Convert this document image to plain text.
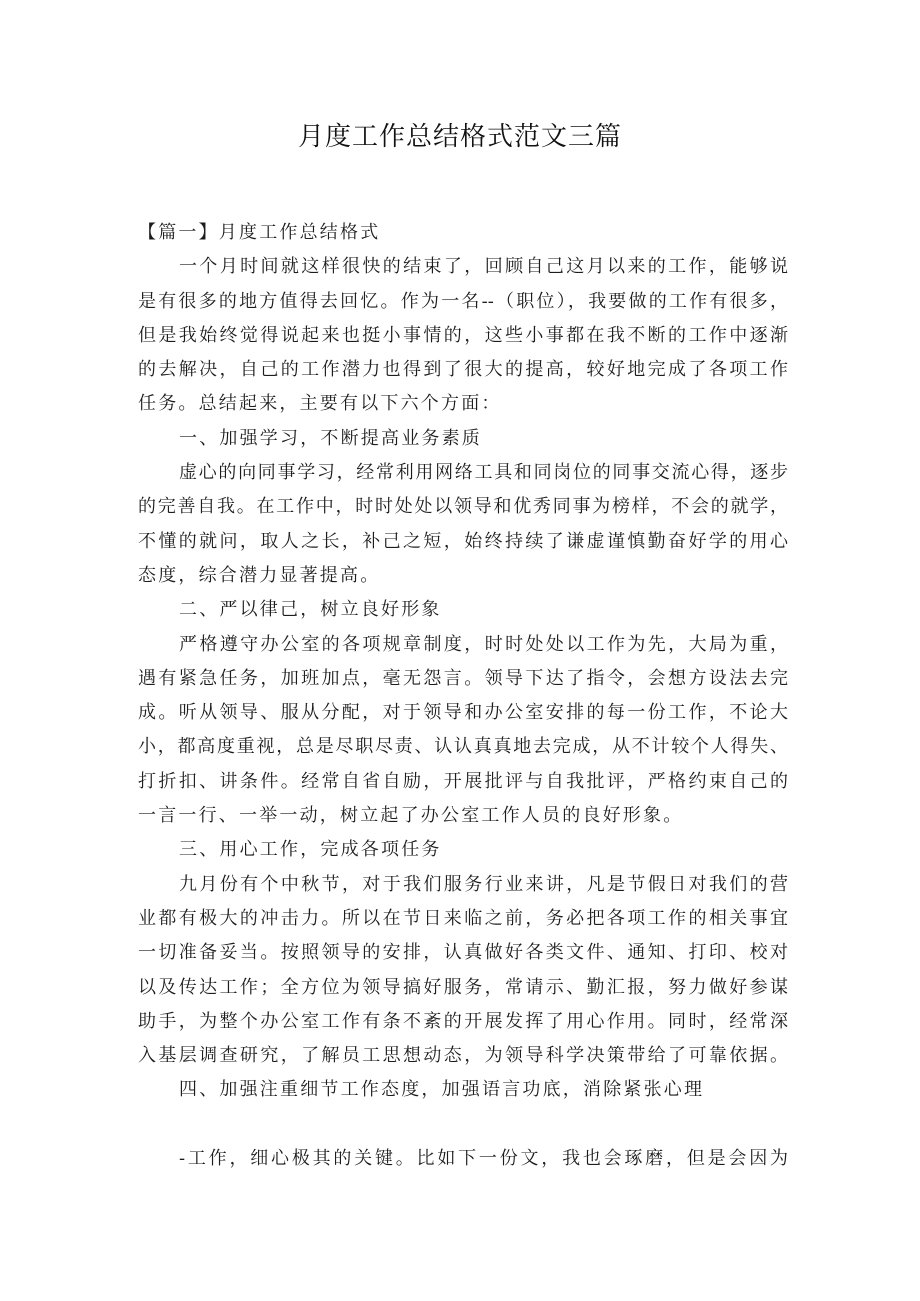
月度工作总结格式范文三篇
【篇一】月度工作总结格式
一个月时间就这样很快的结束了，回顾自己这月以来的工作，能够说
是有很多的地方值得去回忆。作为一名--（职位），我要做的工作有很多，
但是我始终觉得说起来也挺小事情的，这些小事都在我不断的工作中逐渐
的去解决，自己的工作潜力也得到了很大的提高，较好地完成了各项工作
任务。总结起来，主要有以下六个方面：
一、加强学习，不断提高业务素质
虚心的向同事学习，经常利用网络工具和同岗位的同事交流心得，逐步
的完善自我。在工作中，时时处处以领导和优秀同事为榜样，不会的就学，
不懂的就问，取人之长，补己之短，始终持续了谦虚谨慎勤奋好学的用心
态度，综合潜力显著提高。
二、严以律己，树立良好形象
严格遵守办公室的各项规章制度，时时处处以工作为先，大局为重，
遇有紧急任务，加班加点，毫无怨言。领导下达了指令，会想方设法去完
成。听从领导、服从分配，对于领导和办公室安排的每一份工作，不论大
小，都高度重视，总是尽职尽责、认认真真地去完成，从不计较个人得失、
打折扣、讲条件。经常自省自励，开展批评与自我批评，严格约束自己的
一言一行、一举一动，树立起了办公室工作人员的良好形象。
三、用心工作，完成各项任务
九月份有个中秋节，对于我们服务行业来讲，凡是节假日对我们的营
业都有极大的冲击力。所以在节日来临之前，务必把各项工作的相关事宜
一切准备妥当。按照领导的安排，认真做好各类文件、通知、打印、校对
以及传达工作；全方位为领导搞好服务，常请示、勤汇报，努力做好参谋
助手，为整个办公室工作有条不紊的开展发挥了用心作用。同时，经常深
入基层调查研究，了解员工思想动态，为领导科学决策带给了可靠依据。
四、加强注重细节工作态度，加强语言功底，消除紧张心理
-工作，细心极其的关键。比如下一份文，我也会琢磨，但是会因为
